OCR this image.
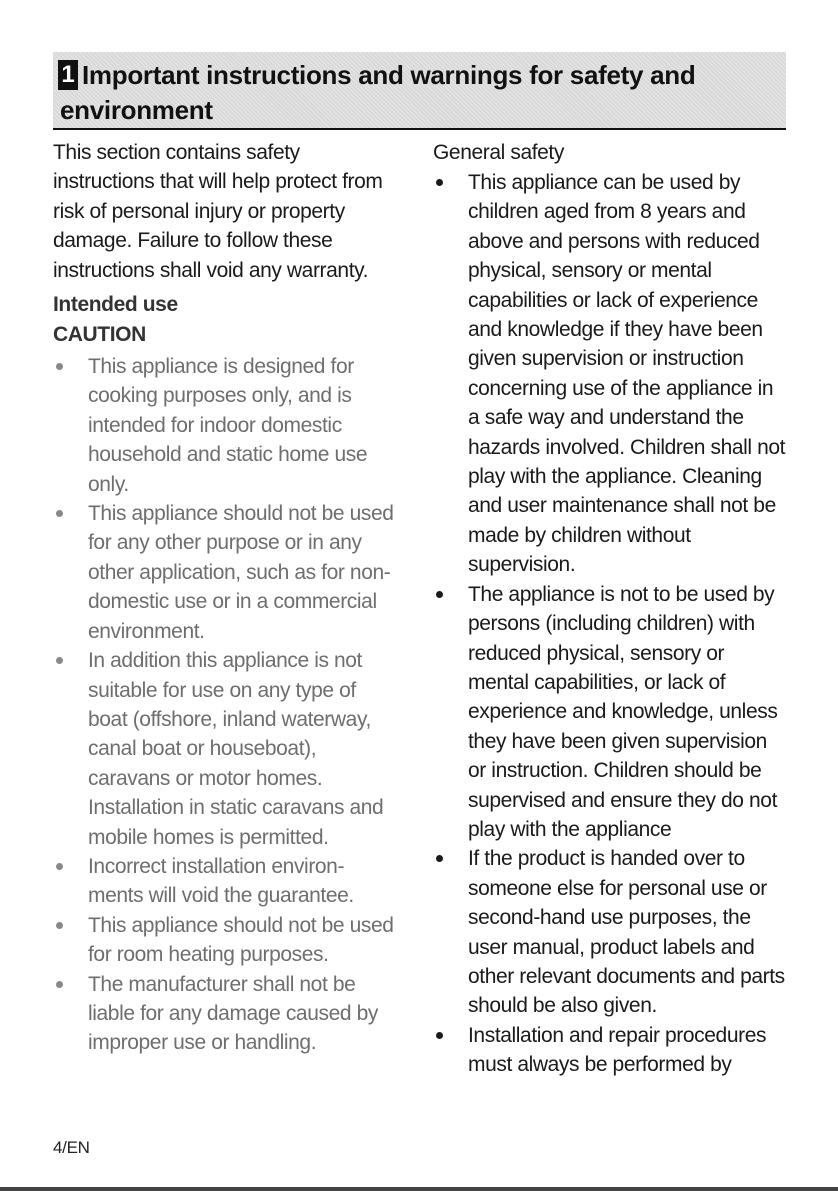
1 Important instructions and warnings for safety and environment

This section contains safety instructions that will help protect from risk of personal injury or property damage. Failure to follow these instructions shall void any warranty.

Intended use

CAUTION

This appliance is designed for cooking purposes only, and is intended for indoor domestic household and static home use only.
This appliance should not be used for any other purpose or in any other application, such as for non-domestic use or in a commercial environment.
In addition this appliance is not suitable for use on any type of boat (offshore, inland waterway, canal boat or houseboat), caravans or motor homes. Installation in static caravans and mobile homes is permitted.
Incorrect installation environ-ments will void the guarantee.
This appliance should not be used for room heating purposes.
The manufacturer shall not be liable for any damage caused by improper use or handling.

General safety

This appliance can be used by children aged from 8 years and above and persons with reduced physical, sensory or mental capabilities or lack of experience and knowledge if they have been given supervision or instruction concerning use of the appliance in a safe way and understand the hazards involved. Children shall not play with the appliance. Cleaning and user maintenance shall not be made by children without supervision.
The appliance is not to be used by persons (including children) with reduced physical, sensory or mental capabilities, or lack of experience and knowledge, unless they have been given supervision or instruction. Children should be supervised and ensure they do not play with the appliance
If the product is handed over to someone else for personal use or second-hand use purposes, the user manual, product labels and other relevant documents and parts should be also given.
Installation and repair procedures must always be performed by
4/EN
